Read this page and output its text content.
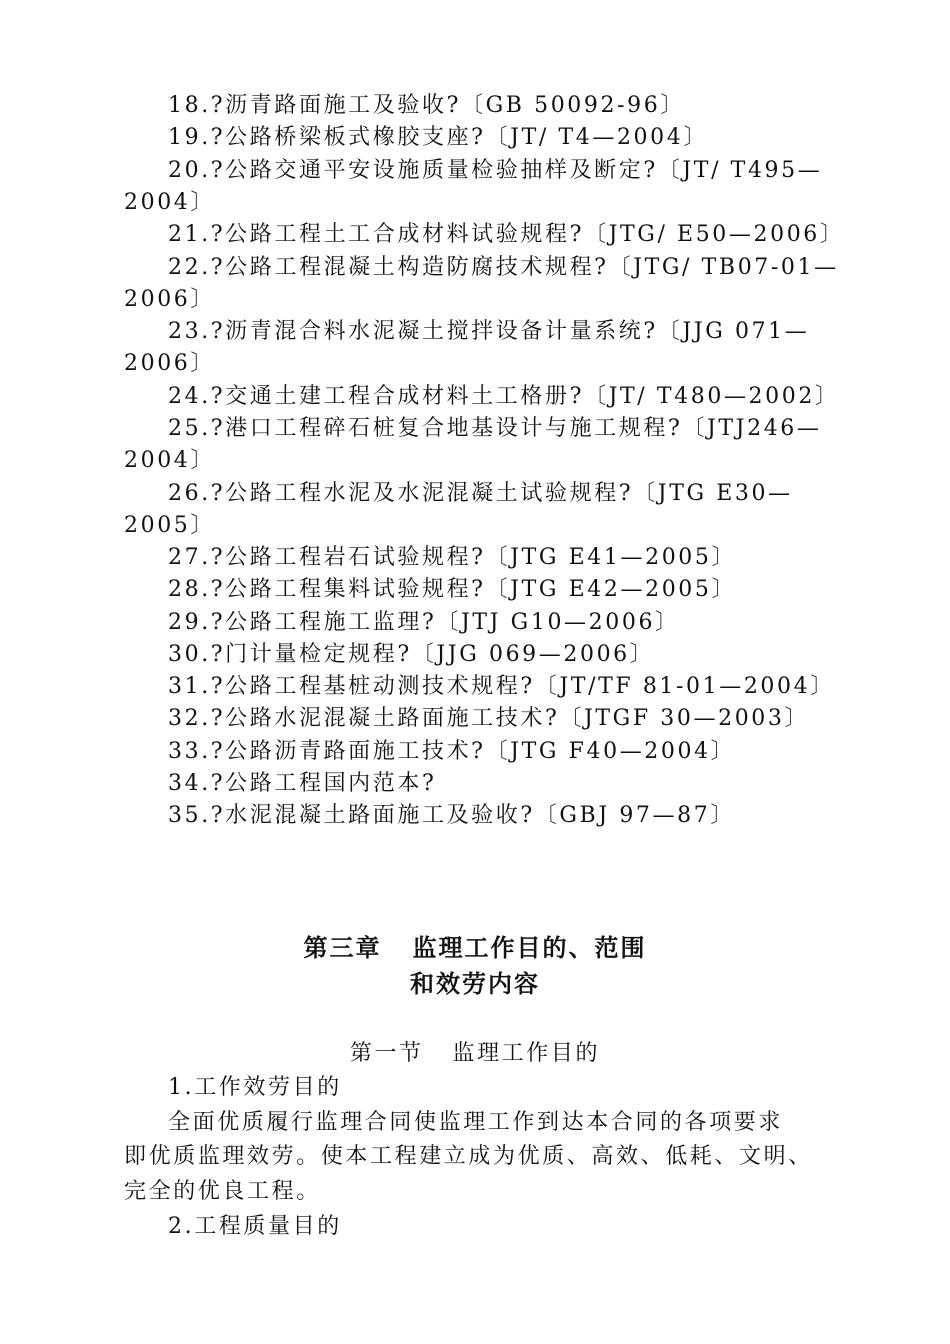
18.?沥青路面施工及验收?〔GB 50092-96〕
19.?公路桥梁板式橡胶支座?〔JT/ T4—2004〕
20.?公路交通平安设施质量检验抽样及断定?〔JT/ T495—
2004〕
21.?公路工程土工合成材料试验规程?〔JTG/ E50—2006〕
22.?公路工程混凝土构造防腐技术规程?〔JTG/ TB07-01—
2006〕
23.?沥青混合料水泥凝土搅拌设备计量系统?〔JJG 071—
2006〕
24.?交通土建工程合成材料土工格册?〔JT/ T480—2002〕
25.?港口工程碎石桩复合地基设计与施工规程?〔JTJ246—
2004〕
26.?公路工程水泥及水泥混凝土试验规程?〔JTG E30—
2005〕
27.?公路工程岩石试验规程?〔JTG E41—2005〕
28.?公路工程集料试验规程?〔JTG E42—2005〕
29.?公路工程施工监理?〔JTJ G10—2006〕
30.?门计量检定规程?〔JJG 069—2006〕
31.?公路工程基桩动测技术规程?〔JT/TF 81-01—2004〕
32.?公路水泥混凝土路面施工技术?〔JTGF 30—2003〕
33.?公路沥青路面施工技术?〔JTG F40—2004〕
34.?公路工程国内范本?
35.?水泥混凝土路面施工及验收?〔GBJ 97—87〕
第三章   监理工作目的、范围
和效劳内容
第一节   监理工作目的
1.工作效劳目的
全面优质履行监理合同使监理工作到达本合同的各项要求
即优质监理效劳。使本工程建立成为优质、高效、低耗、文明、
完全的优良工程。
2.工程质量目的
